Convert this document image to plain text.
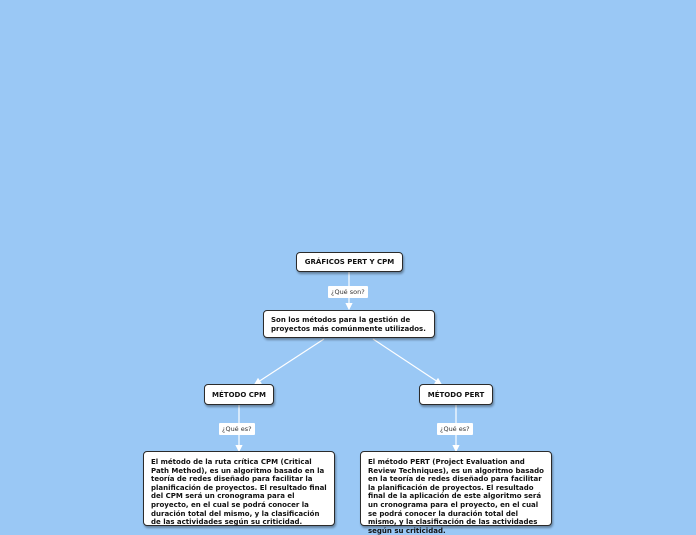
GRÁFICOS PERT Y CPM
¿Qué son?
Son los métodos para la gestión de proyectos más comúnmente utilizados.
MÉTODO CPM	MÉTODO PERT
¿Qué es?	¿Qué es?
El método de la ruta crítica CPM (Critical Path Method), es un algoritmo basado en la teoría de redes diseñado para facilitar la planificación de proyectos. El resultado final del CPM será un cronograma para el proyecto, en el cual se podrá conocer la duración total del mismo, y la clasificación de las actividades según su criticidad.
El método PERT (Project Evaluation and Review Techniques), es un algoritmo basado en la teoría de redes diseñado para facilitar la planificación de proyectos. El resultado final de la aplicación de este algoritmo será un cronograma para el proyecto, en el cual se podrá conocer la duración total del mismo, y la clasificación de las actividades según su criticidad.
